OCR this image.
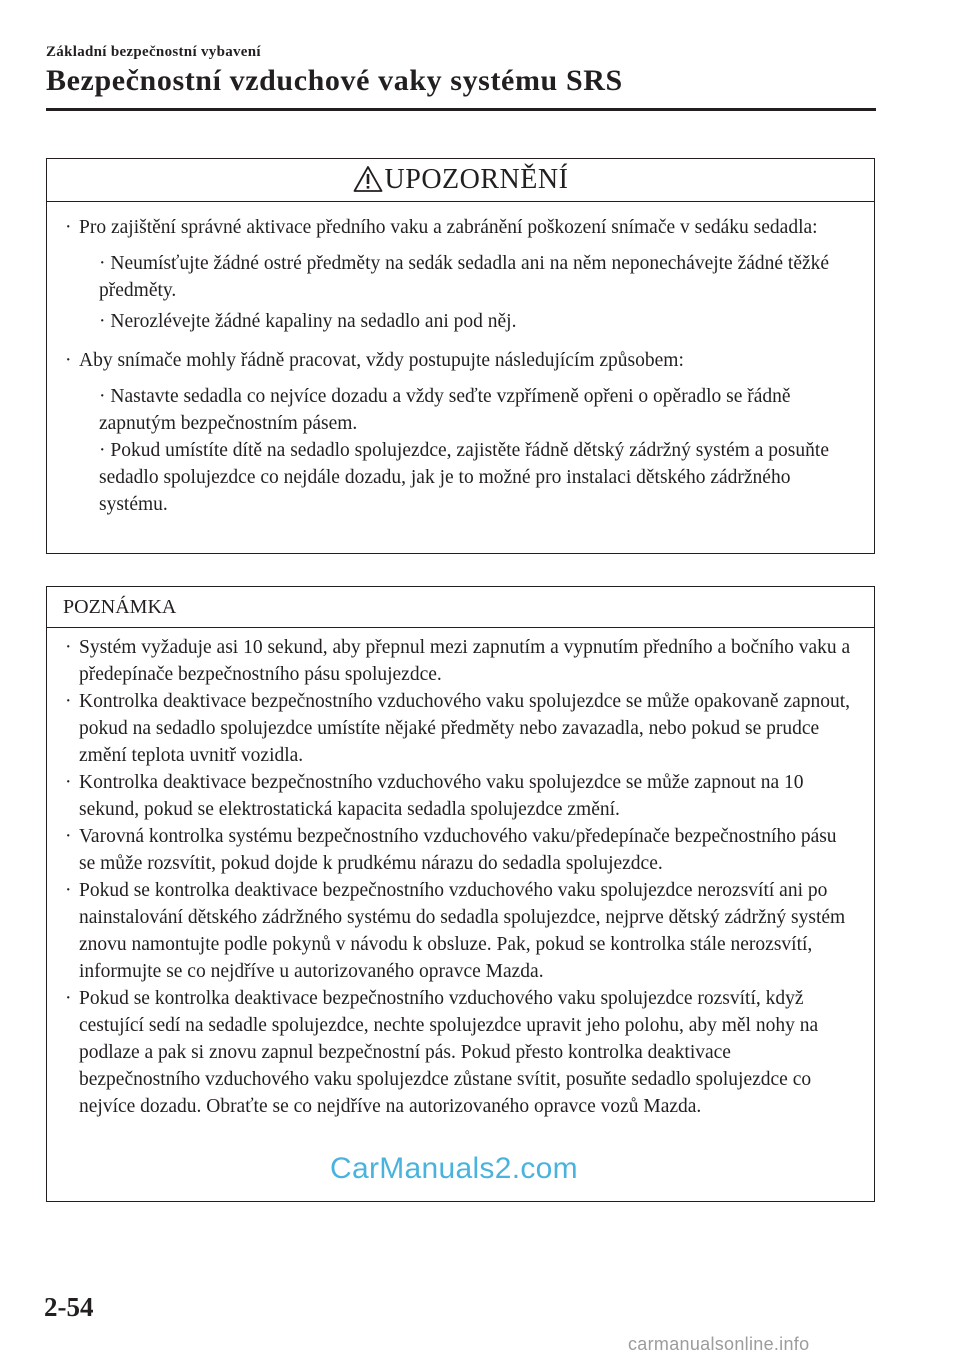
Základní bezpečnostní vybavení
Bezpečnostní vzduchové vaky systému SRS
UPOZORNĚNÍ
· Pro zajištění správné aktivace předního vaku a zabránění poškození snímače v sedáku sedadla:
· Neumísťujte žádné ostré předměty na sedák sedadla ani na něm neponechávejte žádné těžké předměty.
· Nerozlévejte žádné kapaliny na sedadlo ani pod něj.
· Aby snímače mohly řádně pracovat, vždy postupujte následujícím způsobem:
· Nastavte sedadla co nejvíce dozadu a vždy seďte vzpřímeně opřeni o opěradlo se řádně zapnutým bezpečnostním pásem.
· Pokud umístíte dítě na sedadlo spolujezdce, zajistěte řádně dětský zádržný systém a posuňte sedadlo spolujezdce co nejdále dozadu, jak je to možné pro instalaci dětského zádržného systému.
POZNÁMKA
· Systém vyžaduje asi 10 sekund, aby přepnul mezi zapnutím a vypnutím předního a bočního vaku a předepínače bezpečnostního pásu spolujezdce.
· Kontrolka deaktivace bezpečnostního vzduchového vaku spolujezdce se může opakovaně zapnout, pokud na sedadlo spolujezdce umístíte nějaké předměty nebo zavazadla, nebo pokud se prudce změní teplota uvnitř vozidla.
· Kontrolka deaktivace bezpečnostního vzduchového vaku spolujezdce se může zapnout na 10 sekund, pokud se elektrostatická kapacita sedadla spolujezdce změní.
· Varovná kontrolka systému bezpečnostního vzduchového vaku/předepínače bezpečnostního pásu se může rozsvítit, pokud dojde k prudkému nárazu do sedadla spolujezdce.
· Pokud se kontrolka deaktivace bezpečnostního vzduchového vaku spolujezdce nerozsvítí ani po nainstalování dětského zádržného systému do sedadla spolujezdce, nejprve dětský zádržný systém znovu namontujte podle pokynů v návodu k obsluze. Pak, pokud se kontrolka stále nerozsvítí, informujte se co nejdříve u autorizovaného opravce Mazda.
· Pokud se kontrolka deaktivace bezpečnostního vzduchového vaku spolujezdce rozsvítí, když cestující sedí na sedadle spolujezdce, nechte spolujezdce upravit jeho polohu, aby měl nohy na podlaze a pak si znovu zapnul bezpečnostní pás. Pokud přesto kontrolka deaktivace bezpečnostního vzduchového vaku spolujezdce zůstane svítit, posuňte sedadlo spolujezdce co nejvíce dozadu. Obraťte se co nejdříve na autorizovaného opravce vozů Mazda.
2-54
CarManuals2.com
carmanualsonline.info
